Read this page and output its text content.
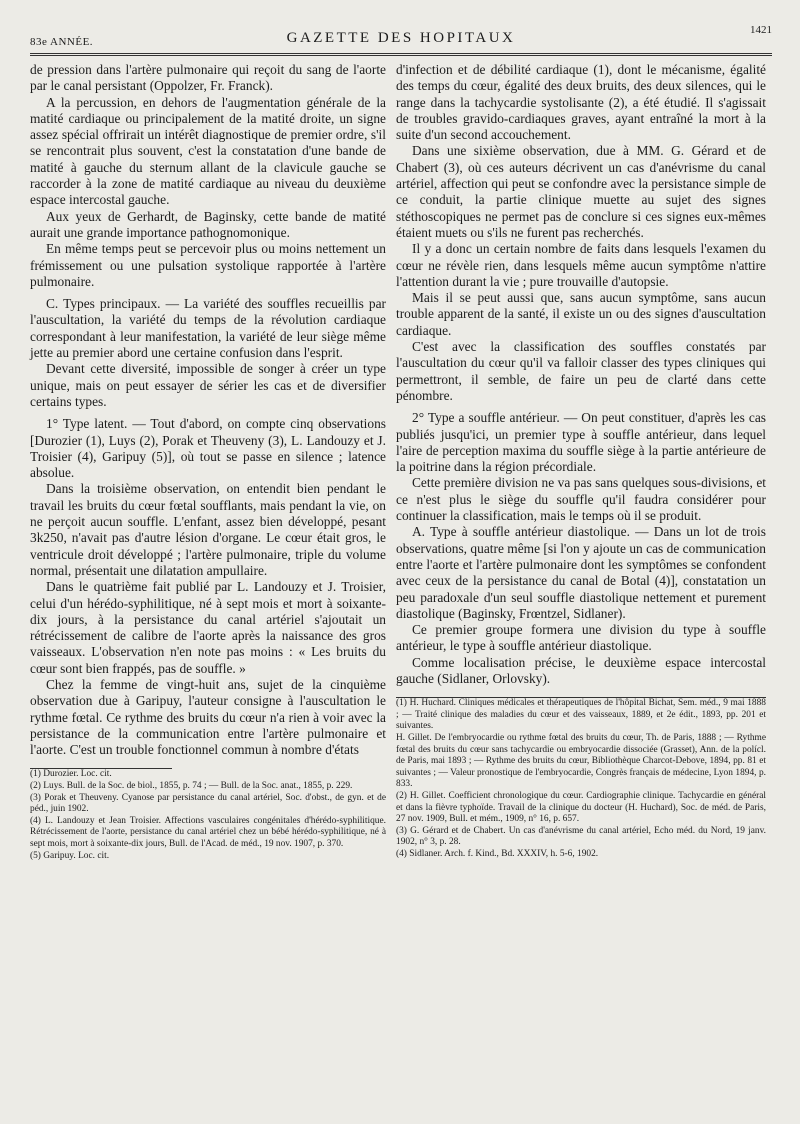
83e ANNÉE.	GAZETTE DES HOPITAUX	1421

de pression dans l'artère pulmonaire qui reçoit du sang de l'aorte par le canal persistant (Oppolzer, Fr. Franck).

A la percussion, en dehors de l'augmentation générale de la matité cardiaque ou principalement de la matité droite, un signe assez spécial offrirait un intérêt diagnostique de premier ordre, s'il se rencontrait plus souvent, c'est la constatation d'une bande de matité à gauche du sternum allant de la clavicule gauche se raccorder à la zone de matité cardiaque au niveau du deuxième espace intercostal gauche.

Aux yeux de Gerhardt, de Baginsky, cette bande de matité aurait une grande importance pathognomonique.

En même temps peut se percevoir plus ou moins nettement un frémissement ou une pulsation systolique rapportée à l'artère pulmonaire.

C. Types principaux. — La variété des souffles recueillis par l'auscultation, la variété du temps de la révolution cardiaque correspondant à leur manifestation, la variété de leur siège même jette au premier abord une certaine confusion dans l'esprit.

Devant cette diversité, impossible de songer à créer un type unique, mais on peut essayer de sérier les cas et de diversifier certains types.

1° Type latent. — Tout d'abord, on compte cinq observations [Durozier (1), Luys (2), Porak et Theuveny (3), L. Landouzy et J. Troisier (4), Garipuy (5)], où tout se passe en silence ; latence absolue.

Dans la troisième observation, on entendit bien pendant le travail les bruits du cœur fœtal soufflants, mais pendant la vie, on ne perçoit aucun souffle. L'enfant, assez bien développé, pesant 3k250, n'avait pas d'autre lésion d'organe. Le cœur était gros, le ventricule droit développé ; l'artère pulmonaire, triple du volume normal, présentait une dilatation ampullaire.

Dans le quatrième fait publié par L. Landouzy et J. Troisier, celui d'un hérédo-syphilitique, né à sept mois et mort à soixante-dix jours, à la persistance du canal artériel s'ajoutait un rétrécissement de calibre de l'aorte après la naissance des gros vaisseaux. L'observation n'en note pas moins : « Les bruits du cœur sont bien frappés, pas de souffle. »

Chez la femme de vingt-huit ans, sujet de la cinquième observation due à Garipuy, l'auteur consigne à l'auscultation le rythme fœtal. Ce rythme des bruits du cœur n'a rien à voir avec la persistance de la communication entre l'artère pulmonaire et l'aorte. C'est un trouble fonctionnel commun à nombre d'états

(1) Durozier. Loc. cit.

(2) Luys. Bull. de la Soc. de biol., 1855, p. 74 ; — Bull. de la Soc. anat., 1855, p. 229.

(3) Porak et Theuveny. Cyanose par persistance du canal artériel, Soc. d'obst., de gyn. et de péd., juin 1902.

(4) L. Landouzy et Jean Troisier. Affections vasculaires congénitales d'hérédo-syphilitique. Rétrécissement de l'aorte, persistance du canal artériel chez un bébé hérédo-syphilitique, né à sept mois, mort à soixante-dix jours, Bull. de l'Acad. de méd., 19 nov. 1907, p. 370.

(5) Garipuy. Loc. cit.

d'infection et de débilité cardiaque (1), dont le mécanisme, égalité des temps du cœur, égalité des deux bruits, des deux silences, qui le range dans la tachycardie systolisante (2), a été étudié. Il s'agissait de troubles gravido-cardiaques graves, ayant entraîné la mort à la suite d'un second accouchement.

Dans une sixième observation, due à MM. G. Gérard et de Chabert (3), où ces auteurs décrivent un cas d'anévrisme du canal artériel, affection qui peut se confondre avec la persistance simple de ce conduit, la partie clinique muette au sujet des signes stéthoscopiques ne permet pas de conclure si ces signes eux-mêmes étaient muets ou s'ils ne furent pas recherchés.

Il y a donc un certain nombre de faits dans lesquels l'examen du cœur ne révèle rien, dans lesquels même aucun symptôme n'attire l'attention durant la vie ; pure trouvaille d'autopsie.

Mais il se peut aussi que, sans aucun symptôme, sans aucun trouble apparent de la santé, il existe un ou des signes d'auscultation cardiaque.

C'est avec la classification des souffles constatés par l'auscultation du cœur qu'il va falloir classer des types cliniques qui permettront, il semble, de faire un peu de clarté dans cette pénombre.

2° Type a souffle antérieur. — On peut constituer, d'après les cas publiés jusqu'ici, un premier type à souffle antérieur, dans lequel l'aire de perception maxima du souffle siège à la partie antérieure de la poitrine dans la région précordiale.

Cette première division ne va pas sans quelques sous-divisions, et ce n'est plus le siège du souffle qu'il faudra considérer pour continuer la classification, mais le temps où il se produit.

A. Type à souffle antérieur diastolique. — Dans un lot de trois observations, quatre même [si l'on y ajoute un cas de communication entre l'aorte et l'artère pulmonaire dont les symptômes se confondent avec ceux de la persistance du canal de Botal (4)], constatation un peu paradoxale d'un seul souffle diastolique nettement et purement diastolique (Baginsky, Frœntzel, Sidlaner).

Ce premier groupe formera une division du type à souffle antérieur, le type à souffle antérieur diastolique.

Comme localisation précise, le deuxième espace intercostal gauche (Sidlaner, Orlovsky).

(1) H. Huchard. Cliniques médicales et thérapeutiques de l'hôpital Bichat, Sem. méd., 9 mai 1888 ; — Traité clinique des maladies du cœur et des vaisseaux, 1889, et 2e édit., 1893, pp. 201 et suivantes.

H. Gillet. De l'embryocardie ou rythme fœtal des bruits du cœur, Th. de Paris, 1888 ; — Rythme fœtal des bruits du cœur sans tachycardie ou embryocardie dissociée (Grasset), Ann. de la polícl. de Paris, mai 1893 ; — Rythme des bruits du cœur, Bibliothèque Charcot-Debove, 1894, pp. 81 et suivantes ; — Valeur pronostique de l'embryocardie, Congrès français de médecine, Lyon 1894, p. 833.

(2) H. Gillet. Coefficient chronologique du cœur. Cardiographie clinique. Tachycardie en général et dans la fièvre typhoïde. Travail de la clinique du docteur (H. Huchard), Soc. de méd. de Paris, 27 nov. 1909, Bull. et mém., 1909, n° 16, p. 657.

(3) G. Gérard et de Chabert. Un cas d'anévrisme du canal artériel, Echo méd. du Nord, 19 janv. 1902, n° 3, p. 28.

(4) Sidlaner. Arch. f. Kind., Bd. XXXIV, h. 5-6, 1902.
